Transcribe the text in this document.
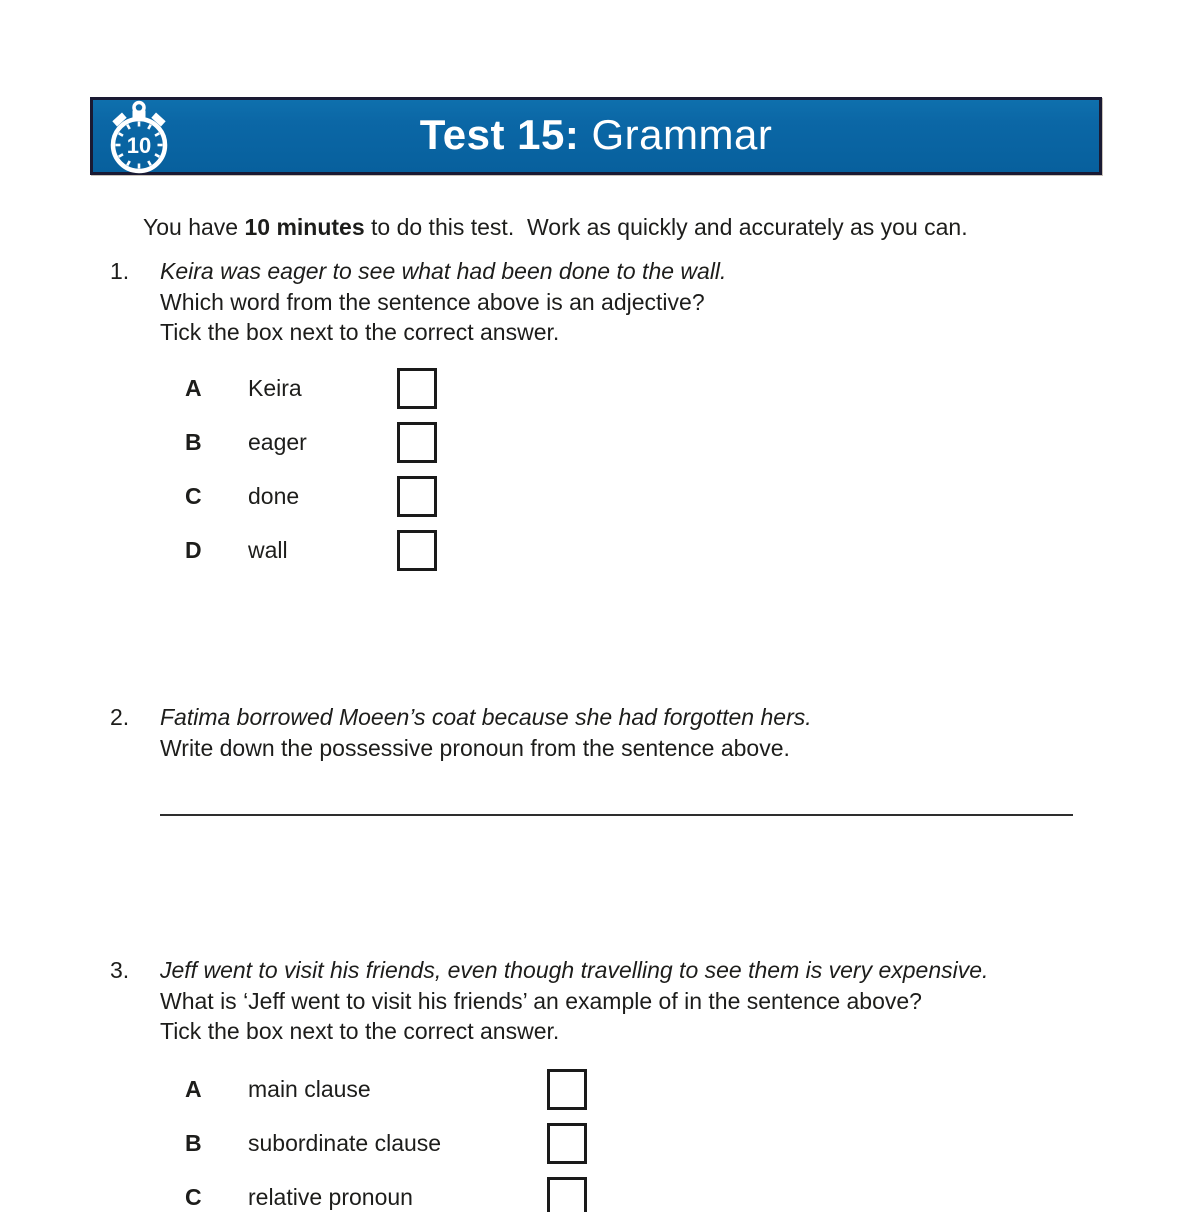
10	Test 15: Grammar

You have 10 minutes to do this test.  Work as quickly and accurately as you can.

1.	Keira was eager to see what had been done to the wall.

Which word from the sentence above is an adjective?

Tick the box next to the correct answer.

A	Keira
B	eager
C	done
D	wall
2.	Fatima borrowed Moeen’s coat because she had forgotten hers.

Write down the possessive pronoun from the sentence above.

3.	Jeff went to visit his friends, even though travelling to see them is very expensive.

What is ‘Jeff went to visit his friends’ an example of in the sentence above?

Tick the box next to the correct answer.

A	main clause
B	subordinate clause
C	relative pronoun
